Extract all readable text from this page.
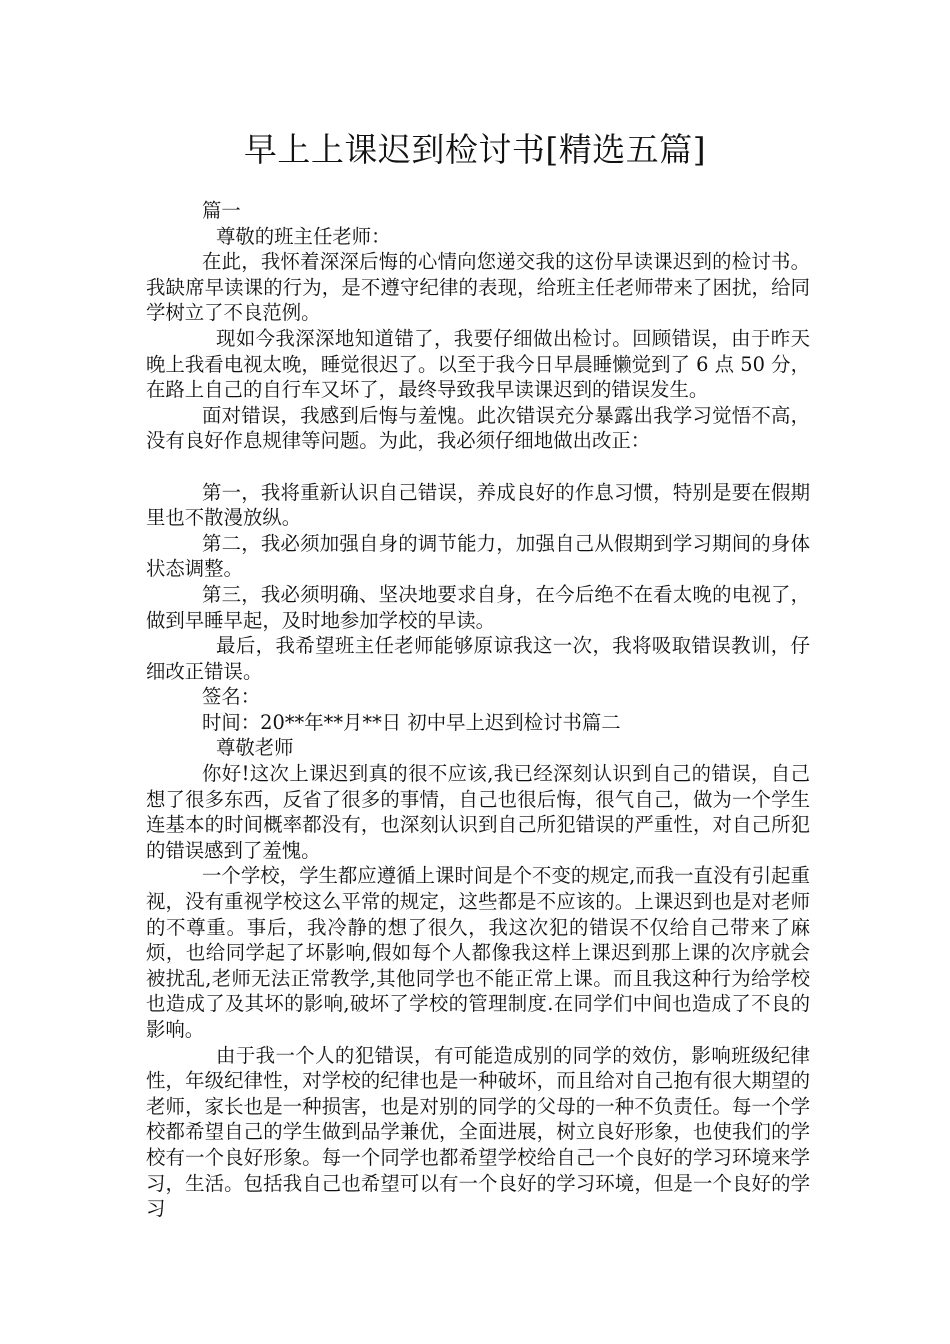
早上上课迟到检讨书[精选五篇]

篇一

尊敬的班主任老师：

在此，我怀着深深后悔的心情向您递交我的这份早读课迟到的检讨书。我缺席早读课的行为，是不遵守纪律的表现，给班主任老师带来了困扰，给同学树立了不良范例。

现如今我深深地知道错了，我要仔细做出检讨。回顾错误，由于昨天晚上我看电视太晚，睡觉很迟了。以至于我今日早晨睡懒觉到了 6 点 50 分，在路上自己的自行车又坏了，最终导致我早读课迟到的错误发生。

面对错误，我感到后悔与羞愧。此次错误充分暴露出我学习觉悟不高，没有良好作息规律等问题。为此，我必须仔细地做出改正：

第一，我将重新认识自己错误，养成良好的作息习惯，特别是要在假期里也不散漫放纵。

第二，我必须加强自身的调节能力，加强自己从假期到学习期间的身体状态调整。

第三，我必须明确、坚决地要求自身，在今后绝不在看太晚的电视了，做到早睡早起，及时地参加学校的早读。

最后，我希望班主任老师能够原谅我这一次，我将吸取错误教训，仔细改正错误。

签名：

时间：20**年**月**日 初中早上迟到检讨书篇二

尊敬老师

你好!这次上课迟到真的很不应该,我已经深刻认识到自己的错误，自己想了很多东西，反省了很多的事情，自己也很后悔，很气自己，做为一个学生连基本的时间概率都没有，也深刻认识到自己所犯错误的严重性，对自己所犯的错误感到了羞愧。

一个学校，学生都应遵循上课时间是个不变的规定,而我一直没有引起重视，没有重视学校这么平常的规定，这些都是不应该的。上课迟到也是对老师的不尊重。事后，我冷静的想了很久，我这次犯的错误不仅给自己带来了麻烦，也给同学起了坏影响,假如每个人都像我这样上课迟到那上课的次序就会被扰乱,老师无法正常教学,其他同学也不能正常上课。而且我这种行为给学校也造成了及其坏的影响,破坏了学校的管理制度.在同学们中间也造成了不良的影响。

由于我一个人的犯错误，有可能造成别的同学的效仿，影响班级纪律性，年级纪律性，对学校的纪律也是一种破坏，而且给对自己抱有很大期望的老师，家长也是一种损害，也是对别的同学的父母的一种不负责任。每一个学校都希望自己的学生做到品学兼优，全面进展，树立良好形象，也使我们的学校有一个良好形象。每一个同学也都希望学校给自己一个良好的学习环境来学习，生活。包括我自己也希望可以有一个良好的学习环境，但是一个良好的学习
